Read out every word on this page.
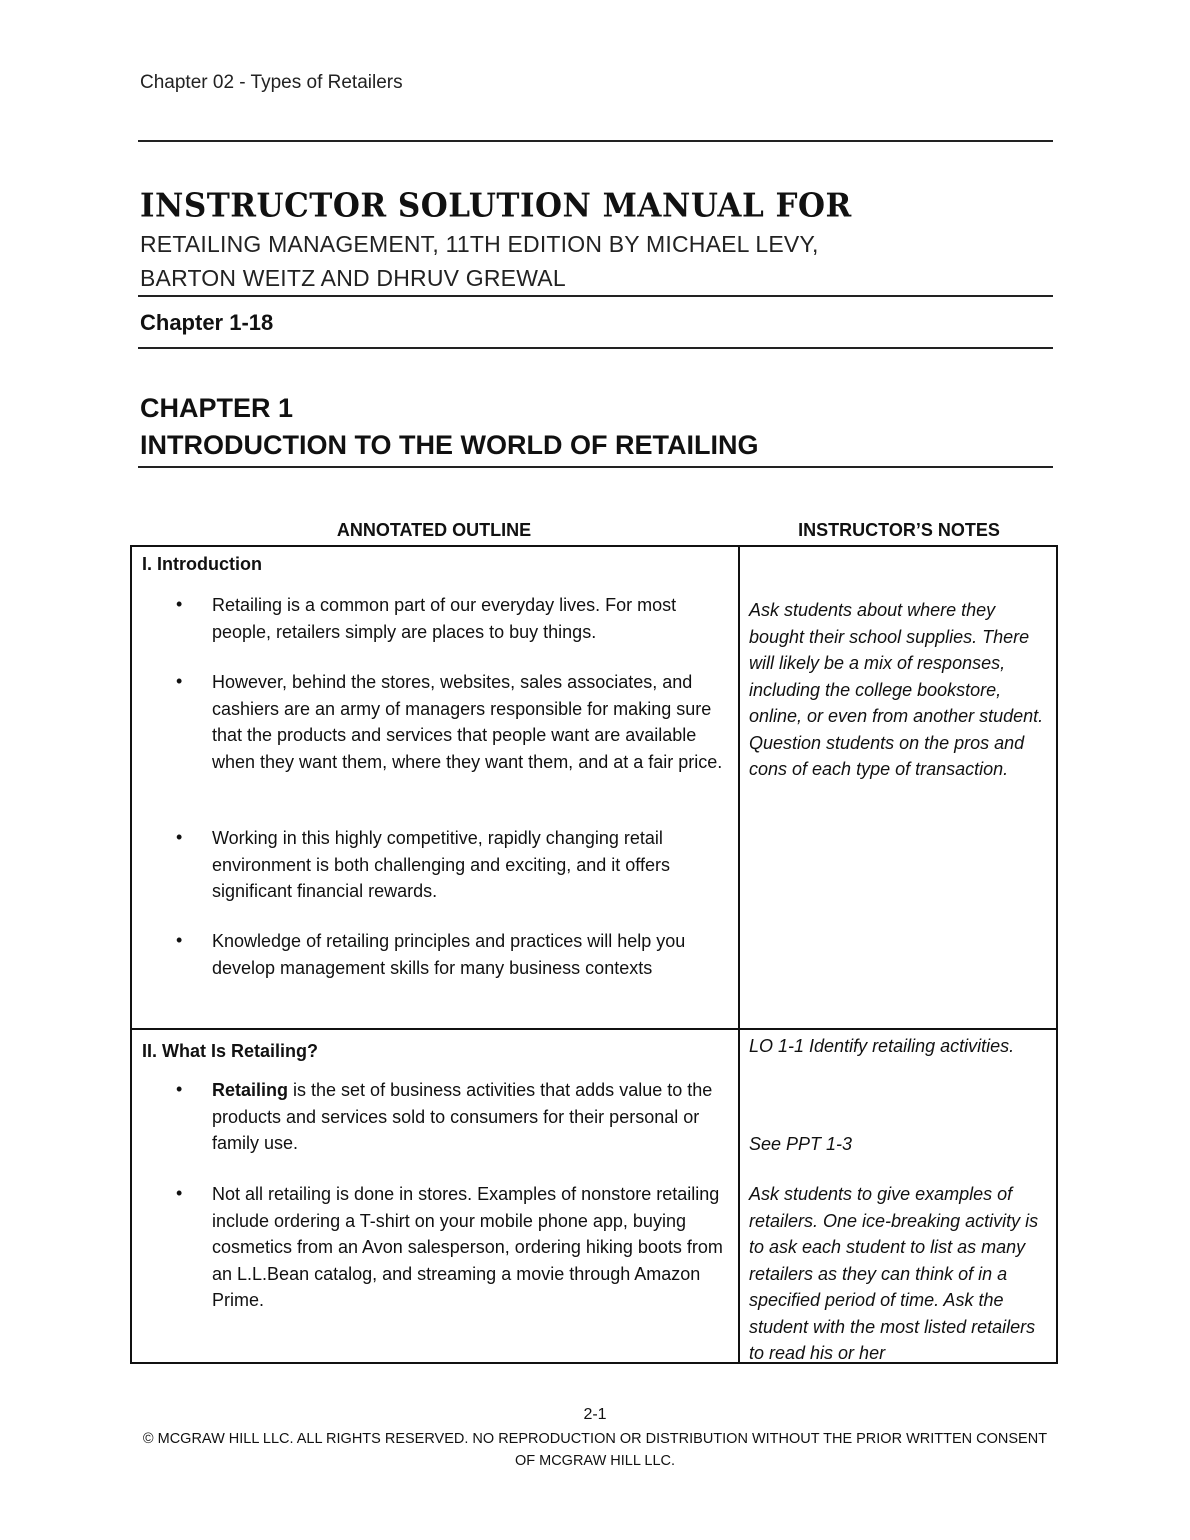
Chapter 02 - Types of Retailers
INSTRUCTOR SOLUTION MANUAL FOR
RETAILING MANAGEMENT, 11TH EDITION BY MICHAEL LEVY,
BARTON WEITZ AND DHRUV GREWAL
Chapter 1-18
CHAPTER 1
INTRODUCTION TO THE WORLD OF RETAILING
ANNOTATED OUTLINE	INSTRUCTOR’S NOTES
I. Introduction
• Retailing is a common part of our everyday lives. For most people, retailers simply are places to buy things.
• However, behind the stores, websites, sales associates, and cashiers are an army of managers responsible for making sure that the products and services that people want are available when they want them, where they want them, and at a fair price.
• Working in this highly competitive, rapidly changing retail environment is both challenging and exciting, and it offers significant financial rewards.
• Knowledge of retailing principles and practices will help you develop management skills for many business contexts
Ask students about where they bought their school supplies. There will likely be a mix of responses, including the college bookstore, online, or even from another student. Question students on the pros and cons of each type of transaction.
II. What Is Retailing?
• Retailing is the set of business activities that adds value to the products and services sold to consumers for their personal or family use.
• Not all retailing is done in stores. Examples of nonstore retailing include ordering a T-shirt on your mobile phone app, buying cosmetics from an Avon salesperson, ordering hiking boots from an L.L.Bean catalog, and streaming a movie through Amazon Prime.
LO 1-1 Identify retailing activities.
See PPT 1-3
Ask students to give examples of retailers. One ice-breaking activity is to ask each student to list as many retailers as they can think of in a specified period of time. Ask the student with the most listed retailers to read his or her
2-1
© MCGRAW HILL LLC. ALL RIGHTS RESERVED. NO REPRODUCTION OR DISTRIBUTION WITHOUT THE PRIOR WRITTEN CONSENT OF MCGRAW HILL LLC.
